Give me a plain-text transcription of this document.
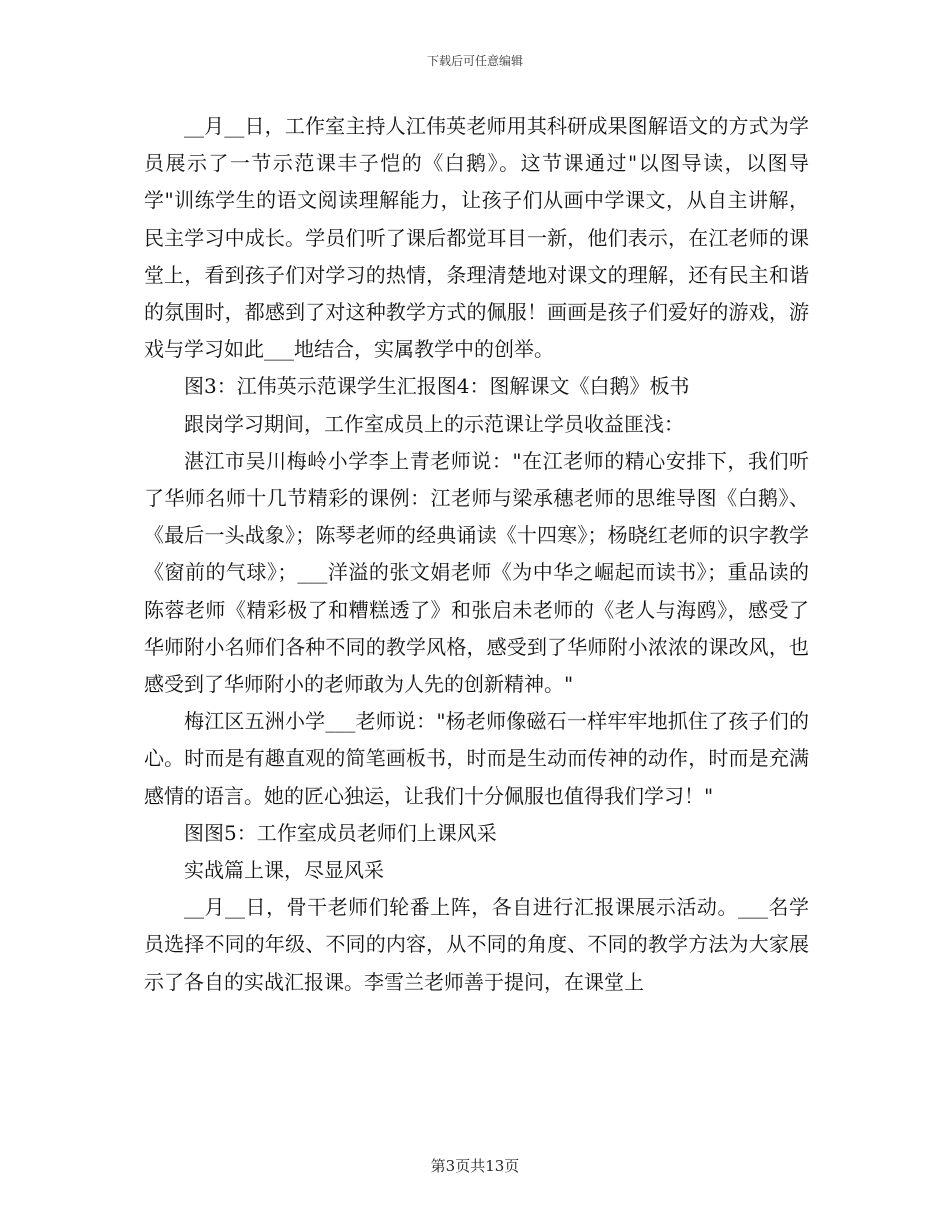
下载后可任意编辑

__月__日，工作室主持人江伟英老师用其科研成果图解语文的方式为学员展示了一节示范课丰子恺的《白鹅》。这节课通过"以图导读，以图导学"训练学生的语文阅读理解能力，让孩子们从画中学课文，从自主讲解，民主学习中成长。学员们听了课后都觉耳目一新，他们表示，在江老师的课堂上，看到孩子们对学习的热情，条理清楚地对课文的理解，还有民主和谐的氛围时，都感到了对这种教学方式的佩服！画画是孩子们爱好的游戏，游戏与学习如此___地结合，实属教学中的创举。

图3：江伟英示范课学生汇报图4：图解课文《白鹅》板书

跟岗学习期间，工作室成员上的示范课让学员收益匪浅：

湛江市吴川梅岭小学李上青老师说："在江老师的精心安排下，我们听了华师名师十几节精彩的课例：江老师与梁承穗老师的思维导图《白鹅》、《最后一头战象》；陈琴老师的经典诵读《十四寒》；杨晓红老师的识字教学《窗前的气球》；___洋溢的张文娟老师《为中华之崛起而读书》；重品读的陈蓉老师《精彩极了和糟糕透了》和张启未老师的《老人与海鸥》，感受了华师附小名师们各种不同的教学风格，感受到了华师附小浓浓的课改风，也感受到了华师附小的老师敢为人先的创新精神。"

梅江区五洲小学___老师说："杨老师像磁石一样牢牢地抓住了孩子们的心。时而是有趣直观的简笔画板书，时而是生动而传神的动作，时而是充满感情的语言。她的匠心独运，让我们十分佩服也值得我们学习！"

图图5：工作室成员老师们上课风采

实战篇上课，尽显风采

__月__日，骨干老师们轮番上阵，各自进行汇报课展示活动。___名学员选择不同的年级、不同的内容，从不同的角度、不同的教学方法为大家展示了各自的实战汇报课。李雪兰老师善于提问，在课堂上

第3页共13页
